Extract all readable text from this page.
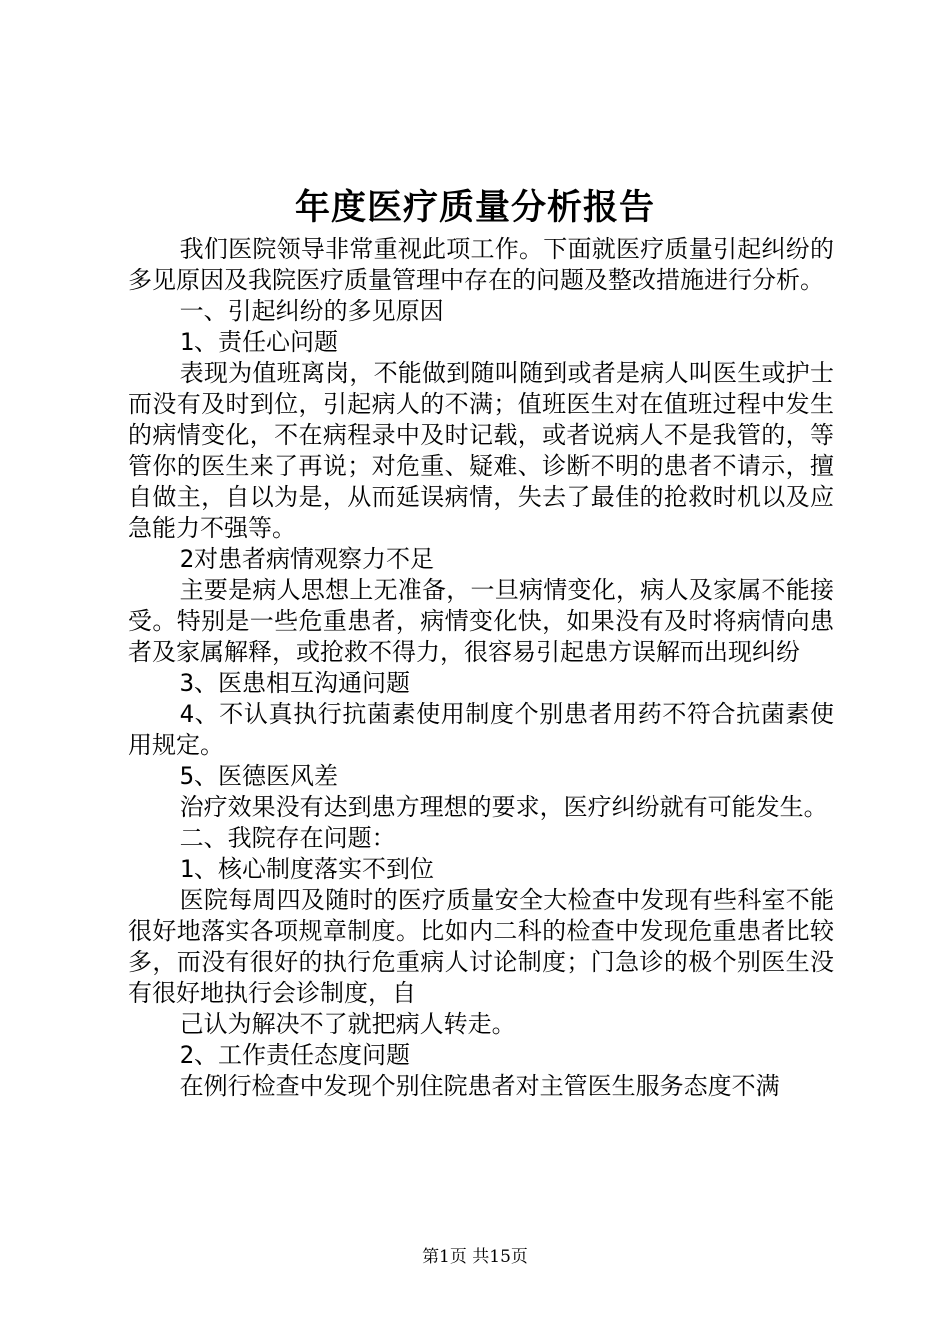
年度医疗质量分析报告

我们医院领导非常重视此项工作。下面就医疗质量引起纠纷的多见原因及我院医疗质量管理中存在的问题及整改措施进行分析。

一、引起纠纷的多见原因

1、责任心问题

表现为值班离岗，不能做到随叫随到或者是病人叫医生或护士而没有及时到位，引起病人的不满；值班医生对在值班过程中发生的病情变化，不在病程录中及时记载，或者说病人不是我管的，等管你的医生来了再说；对危重、疑难、诊断不明的患者不请示，擅自做主，自以为是，从而延误病情，失去了最佳的抢救时机以及应急能力不强等。

2对患者病情观察力不足

主要是病人思想上无准备，一旦病情变化，病人及家属不能接受。特别是一些危重患者，病情变化快，如果没有及时将病情向患者及家属解释，或抢救不得力，很容易引起患方误解而出现纠纷

3、医患相互沟通问题

4、不认真执行抗菌素使用制度个别患者用药不符合抗菌素使用规定。

5、医德医风差

治疗效果没有达到患方理想的要求，医疗纠纷就有可能发生。

二、我院存在问题：

1、核心制度落实不到位

医院每周四及随时的医疗质量安全大检查中发现有些科室不能很好地落实各项规章制度。比如内二科的检查中发现危重患者比较多，而没有很好的执行危重病人讨论制度；门急诊的极个别医生没有很好地执行会诊制度，自

己认为解决不了就把病人转走。

2、工作责任态度问题

在例行检查中发现个别住院患者对主管医生服务态度不满

第1页 共15页
